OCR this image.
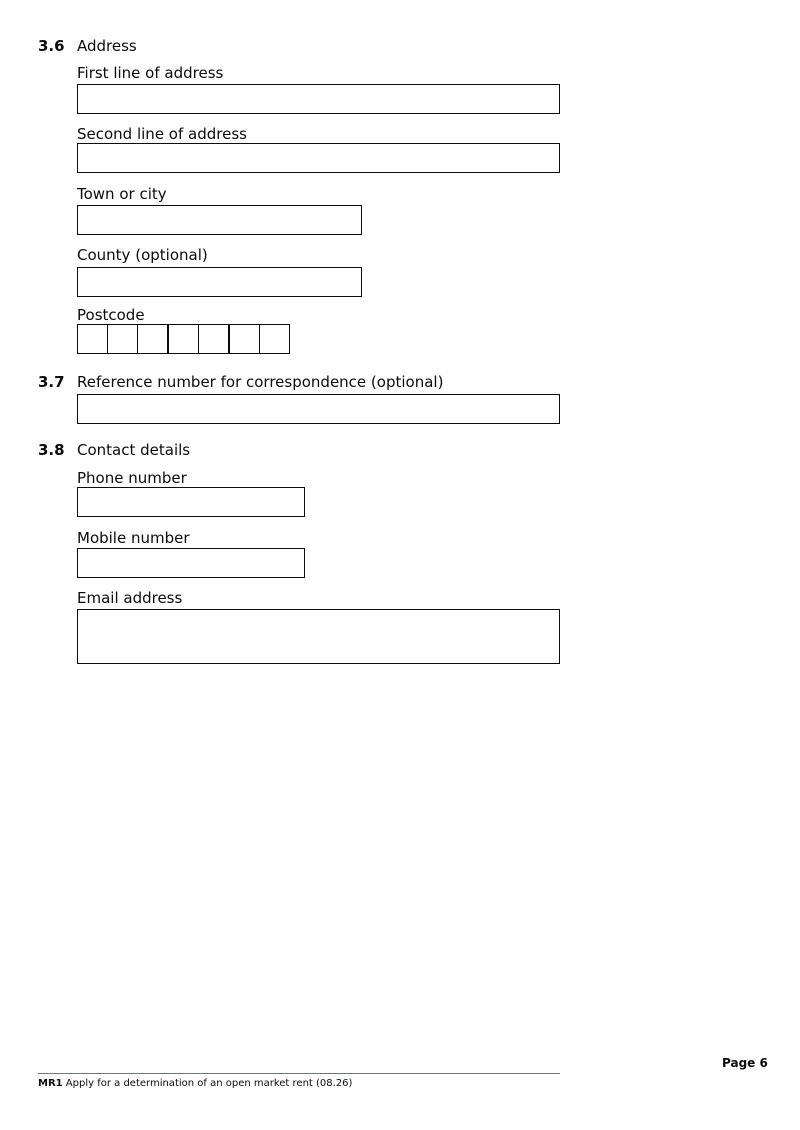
3.6 Address
First line of address
Second line of address
Town or city
County (optional)
Postcode
3.7 Reference number for correspondence (optional)
3.8 Contact details
Phone number
Mobile number
Email address
Page 6
MR1 Apply for a determination of an open market rent (08.26)
